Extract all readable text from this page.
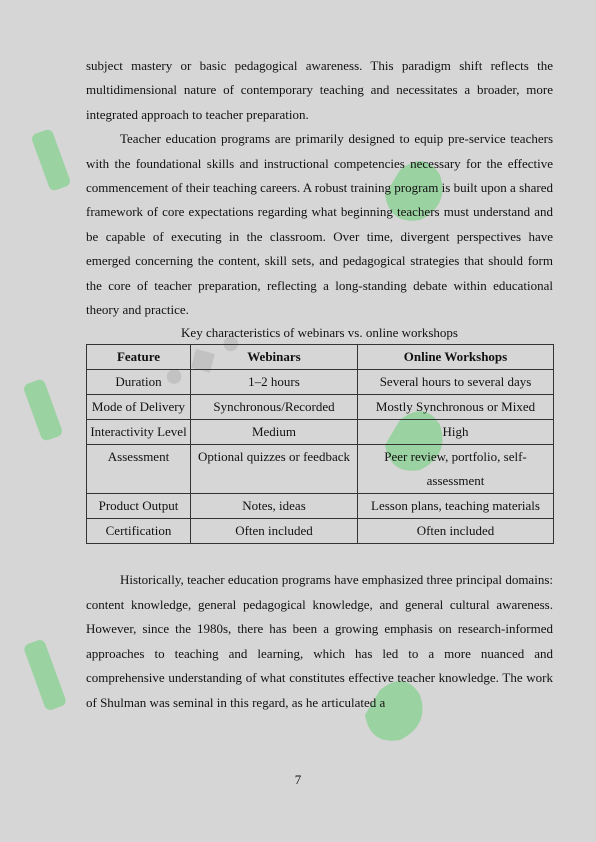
● ◆ ●

subject mastery or basic pedagogical awareness. This paradigm shift reflects the multidimensional nature of contemporary teaching and necessitates a broader, more integrated approach to teacher preparation.

Teacher education programs are primarily designed to equip pre-service teachers with the foundational skills and instructional competencies necessary for the effective commencement of their teaching careers. A robust training program is built upon a shared framework of core expectations regarding what beginning teachers must understand and be capable of executing in the classroom. Over time, divergent perspectives have emerged concerning the content, skill sets, and pedagogical strategies that should form the core of teacher preparation, reflecting a long-standing debate within educational theory and practice.

Key characteristics of webinars vs. online workshops

Feature	Webinars	Online Workshops
Duration	1–2 hours	Several hours to several days
Mode of Delivery	Synchronous/Recorded	Mostly Synchronous or Mixed
Interactivity Level	Medium	High
Assessment	Optional quizzes or feedback	Peer review, portfolio, self-assessment
Product Output	Notes, ideas	Lesson plans, teaching materials
Certification	Often included	Often included

Historically, teacher education programs have emphasized three principal domains: content knowledge, general pedagogical knowledge, and general cultural awareness. However, since the 1980s, there has been a growing emphasis on research-informed approaches to teaching and learning, which has led to a more nuanced and comprehensive understanding of what constitutes effective teacher knowledge. The work of Shulman was seminal in this regard, as he articulated a

7
